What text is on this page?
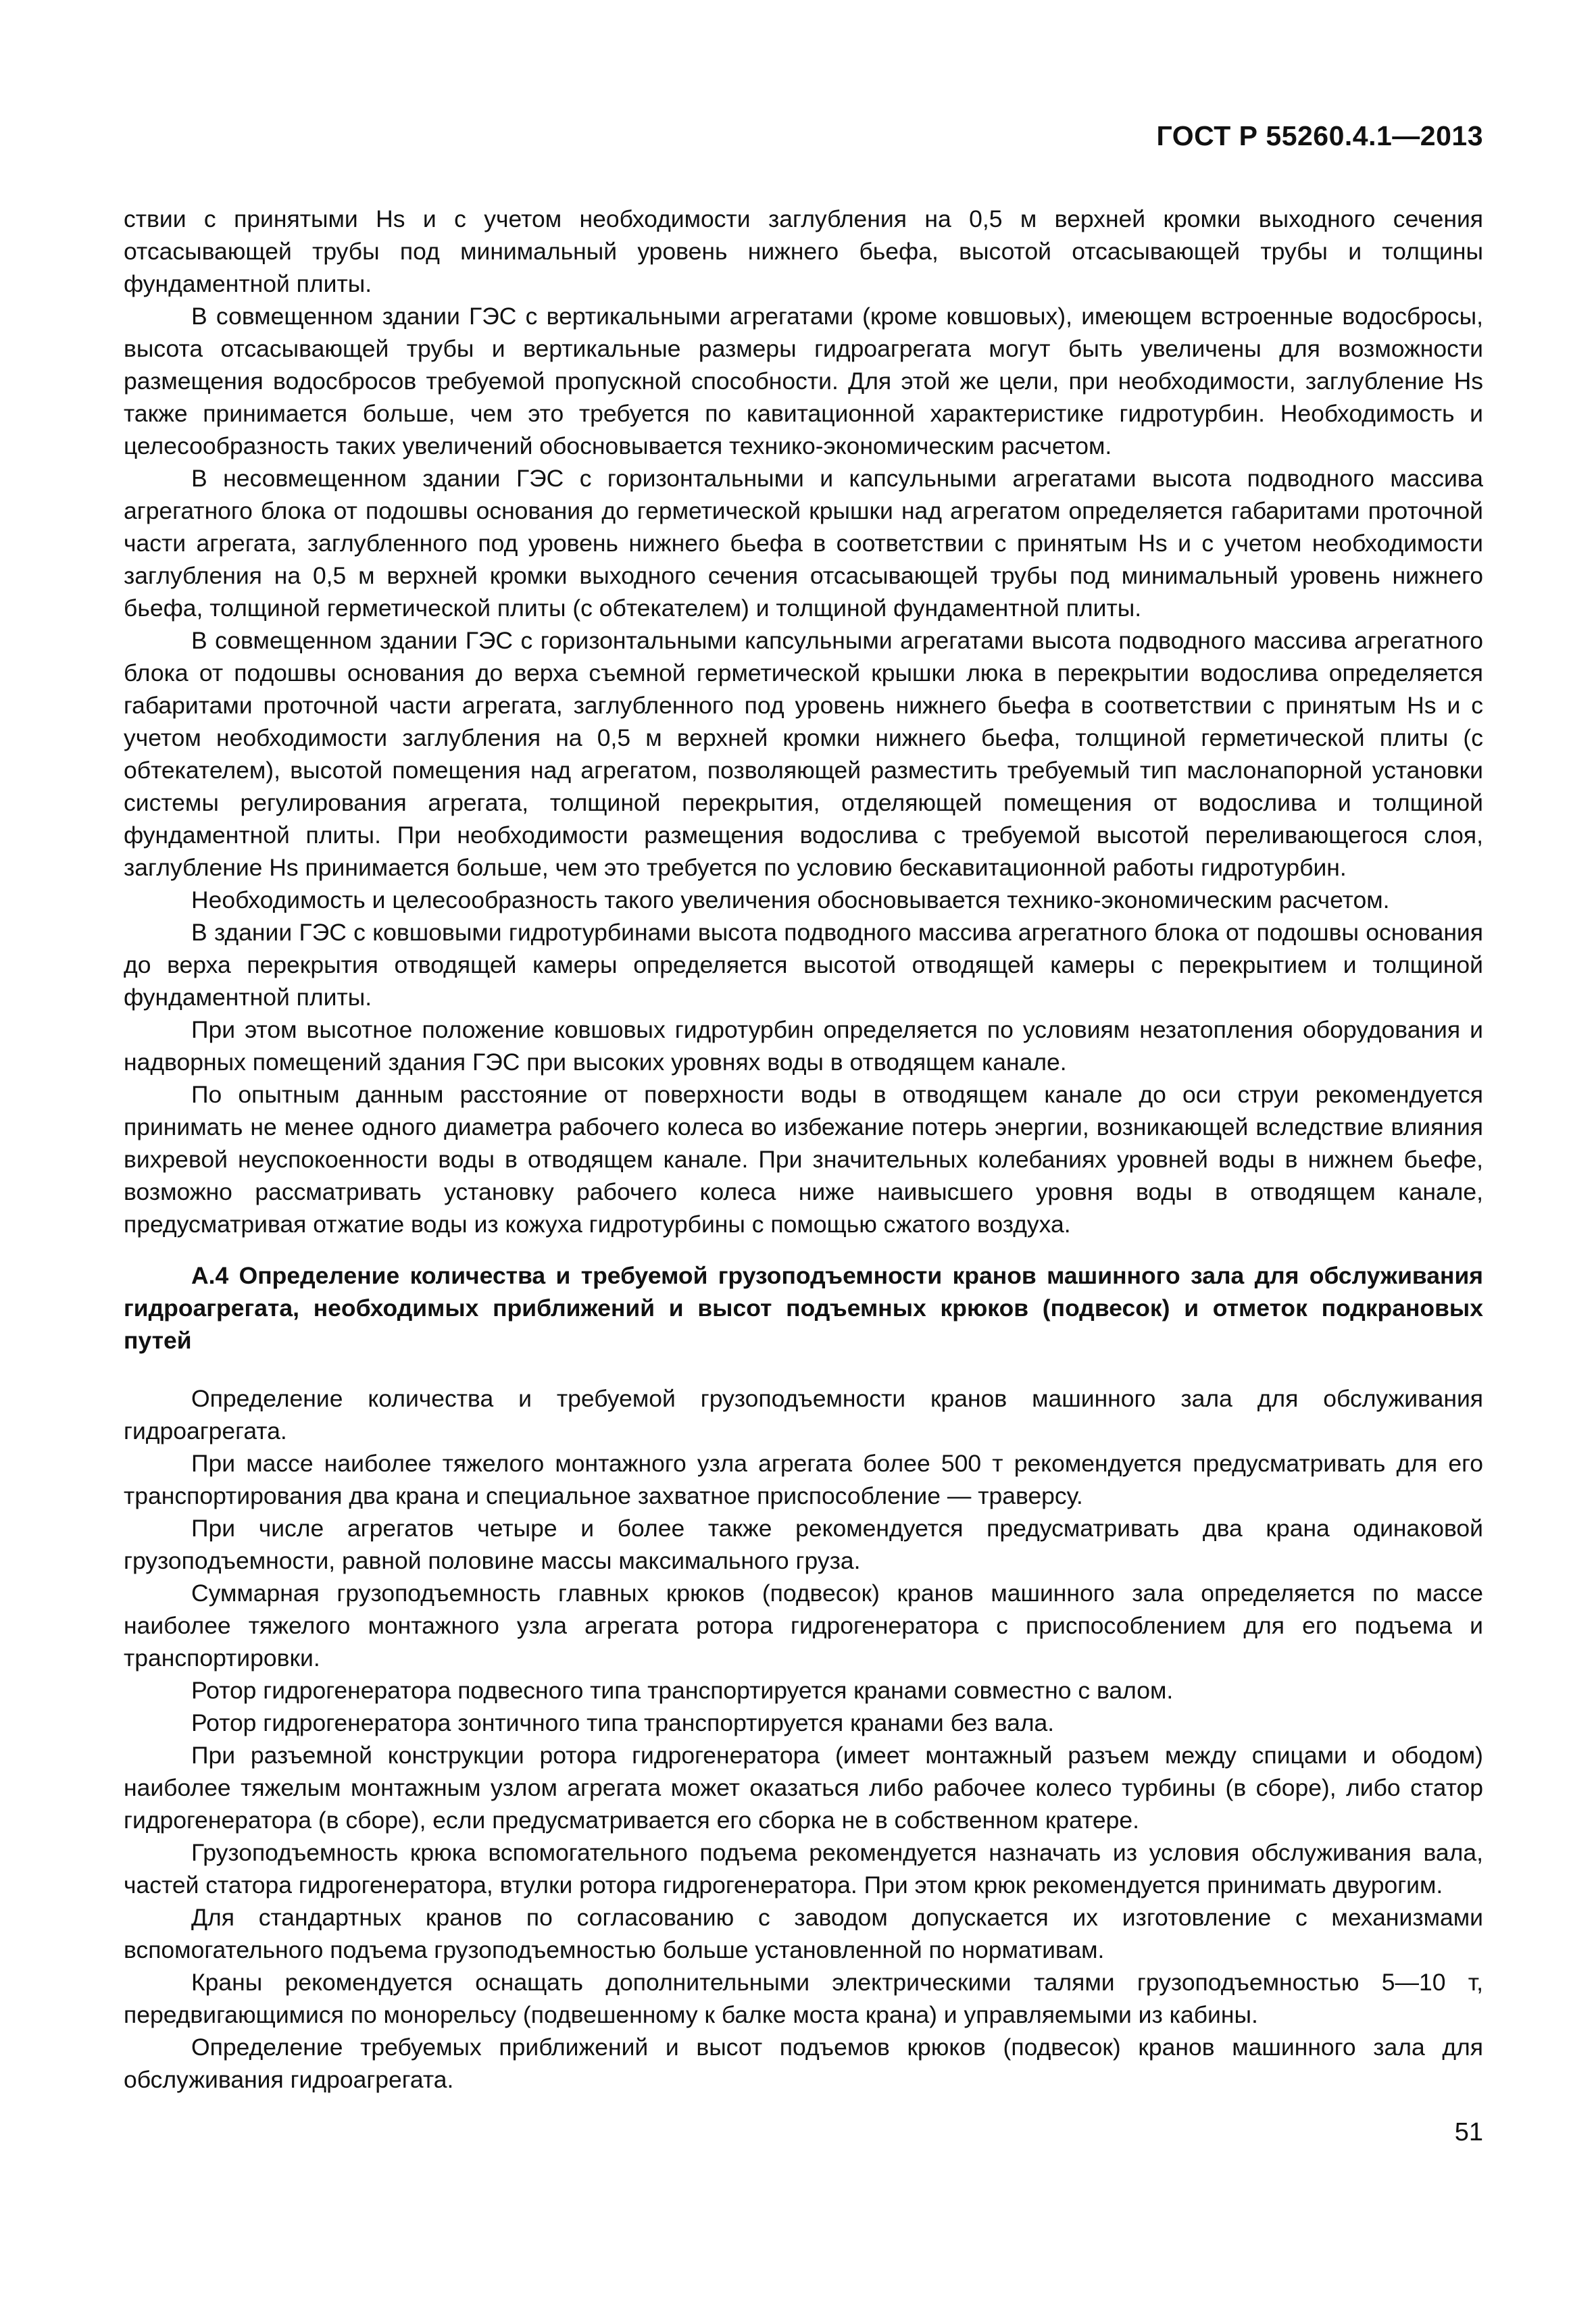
ГОСТ Р 55260.4.1—2013

ствии с принятыми Hs и с учетом необходимости заглубления на 0,5 м верхней кромки выходного сечения отсасывающей трубы под минимальный уровень нижнего бьефа, высотой отсасывающей трубы и толщины фундаментной плиты.

В совмещенном здании ГЭС с вертикальными агрегатами (кроме ковшовых), имеющем встроенные водосбросы, высота отсасывающей трубы и вертикальные размеры гидроагрегата могут быть увеличены для возможности размещения водосбросов требуемой пропускной способности. Для этой же цели, при необходимости, заглубление Hs также принимается больше, чем это требуется по кавитационной характеристике гидротурбин. Необходимость и целесообразность таких увеличений обосновывается технико-экономическим расчетом.

В несовмещенном здании ГЭС с горизонтальными и капсульными агрегатами высота подводного массива агрегатного блока от подошвы основания до герметической крышки над агрегатом определяется габаритами проточной части агрегата, заглубленного под уровень нижнего бьефа в соответствии с принятым Hs и с учетом необходимости заглубления на 0,5 м верхней кромки выходного сечения отсасывающей трубы под минимальный уровень нижнего бьефа, толщиной герметической плиты (с обтекателем) и толщиной фундаментной плиты.

В совмещенном здании ГЭС с горизонтальными капсульными агрегатами высота подводного массива агрегатного блока от подошвы основания до верха съемной герметической крышки люка в перекрытии водослива определяется габаритами проточной части агрегата, заглубленного под уровень нижнего бьефа в соответствии с принятым Hs и с учетом необходимости заглубления на 0,5 м верхней кромки нижнего бьефа, толщиной герметической плиты (с обтекателем), высотой помещения над агрегатом, позволяющей разместить требуемый тип маслонапорной установки системы регулирования агрегата, толщиной перекрытия, отделяющей помещения от водослива и толщиной фундаментной плиты. При необходимости размещения водослива с требуемой высотой переливающегося слоя, заглубление Hs принимается больше, чем это требуется по условию бескавитационной работы гидротурбин.

Необходимость и целесообразность такого увеличения обосновывается технико-экономическим расчетом.

В здании ГЭС с ковшовыми гидротурбинами высота подводного массива агрегатного блока от подошвы основания до верха перекрытия отводящей камеры определяется высотой отводящей камеры с перекрытием и толщиной фундаментной плиты.

При этом высотное положение ковшовых гидротурбин определяется по условиям незатопления оборудования и надворных помещений здания ГЭС при высоких уровнях воды в отводящем канале.

По опытным данным расстояние от поверхности воды в отводящем канале до оси струи рекомендуется принимать не менее одного диаметра рабочего колеса во избежание потерь энергии, возникающей вследствие влияния вихревой неуспокоенности воды в отводящем канале. При значительных колебаниях уровней воды в нижнем бьефе, возможно рассматривать установку рабочего колеса ниже наивысшего уровня воды в отводящем канале, предусматривая отжатие воды из кожуха гидротурбины с помощью сжатого воздуха.

А.4 Определение количества и требуемой грузоподъемности кранов машинного зала для обслуживания гидроагрегата, необходимых приближений и высот подъемных крюков (подвесок) и отметок подкрановых путей

Определение количества и требуемой грузоподъемности кранов машинного зала для обслуживания гидроагрегата.

При массе наиболее тяжелого монтажного узла агрегата более 500 т рекомендуется предусматривать для его транспортирования два крана и специальное захватное приспособление — траверсу.

При числе агрегатов четыре и более также рекомендуется предусматривать два крана одинаковой грузоподъемности, равной половине массы максимального груза.

Суммарная грузоподъемность главных крюков (подвесок) кранов машинного зала определяется по массе наиболее тяжелого монтажного узла агрегата ротора гидрогенератора с приспособлением для его подъема и транспортировки.

Ротор гидрогенератора подвесного типа транспортируется кранами совместно с валом.

Ротор гидрогенератора зонтичного типа транспортируется кранами без вала.

При разъемной конструкции ротора гидрогенератора (имеет монтажный разъем между спицами и ободом) наиболее тяжелым монтажным узлом агрегата может оказаться либо рабочее колесо турбины (в сборе), либо статор гидрогенератора (в сборе), если предусматривается его сборка не в собственном кратере.

Грузоподъемность крюка вспомогательного подъема рекомендуется назначать из условия обслуживания вала, частей статора гидрогенератора, втулки ротора гидрогенератора. При этом крюк рекомендуется принимать двурогим.

Для стандартных кранов по согласованию с заводом допускается их изготовление с механизмами вспомогательного подъема грузоподъемностью больше установленной по нормативам.

Краны рекомендуется оснащать дополнительными электрическими талями грузоподъемностью 5—10 т, передвигающимися по монорельсу (подвешенному к балке моста крана) и управляемыми из кабины.

Определение требуемых приближений и высот подъемов крюков (подвесок) кранов машинного зала для обслуживания гидроагрегата.

51
